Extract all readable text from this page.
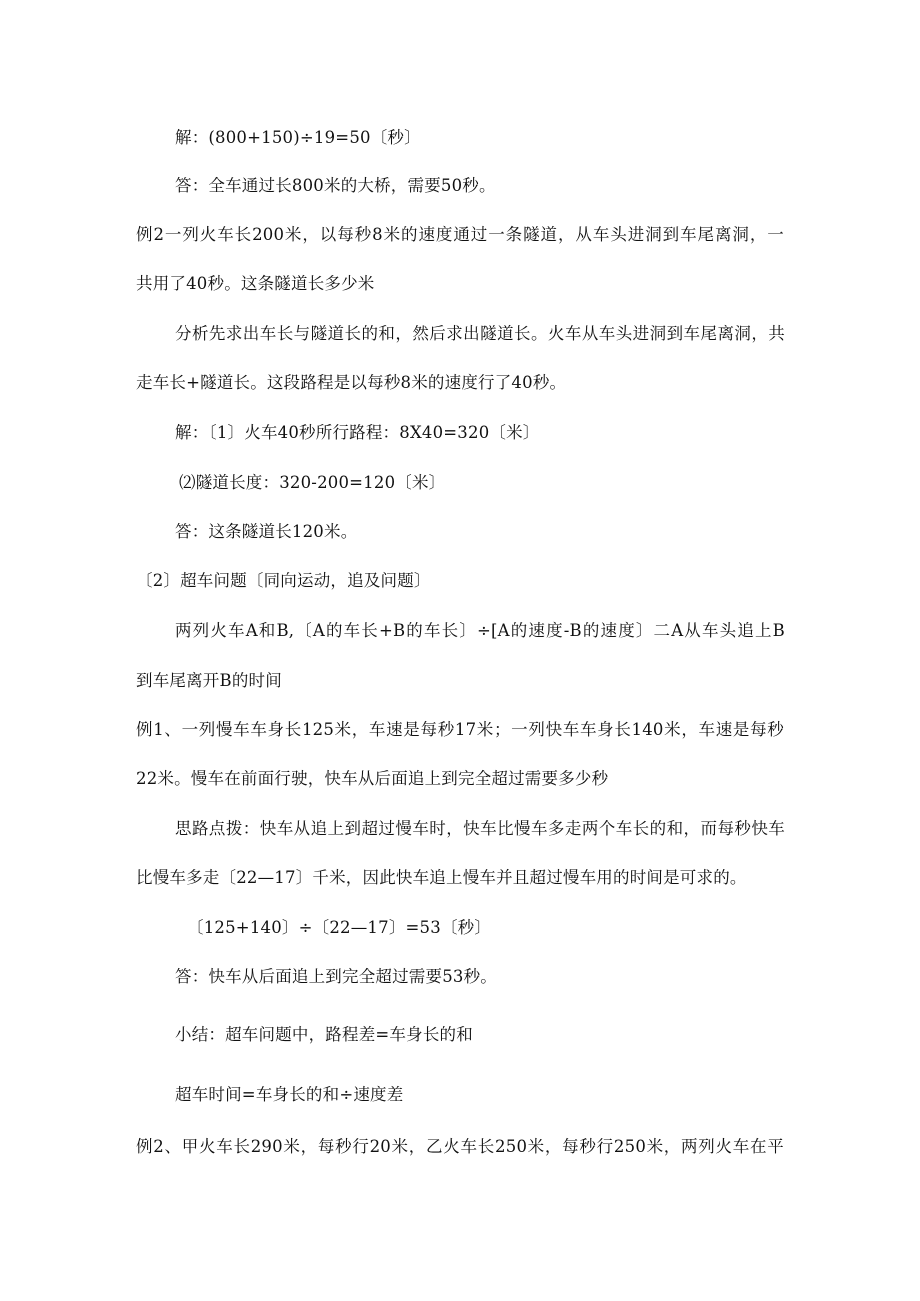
解：(800+150)÷19=50〔秒〕
答：全车通过长800米的大桥，需要50秒。
例2一列火车长200米，以每秒8米的速度通过一条隧道，从车头进洞到车尾离洞，一
共用了40秒。这条隧道长多少米
分析先求出车长与隧道长的和，然后求出隧道长。火车从车头进洞到车尾离洞，共
走车长+隧道长。这段路程是以每秒8米的速度行了40秒。
解：〔1〕火车40秒所行路程：8X40=320〔米〕
⑵隧道长度：320-200=120〔米〕
答：这条隧道长120米。
〔2〕超车问题〔同向运动，追及问题〕
两列火车A和B,〔A的车长+B的车长〕÷[A的速度-B的速度〕二A从车头追上B
到车尾离开B的时间
例1、一列慢车车身长125米，车速是每秒17米；一列快车车身长140米，车速是每秒
22米。慢车在前面行驶，快车从后面追上到完全超过需要多少秒
思路点拨：快车从追上到超过慢车时，快车比慢车多走两个车长的和，而每秒快车
比慢车多走〔22—17〕千米，因此快车追上慢车并且超过慢车用的时间是可求的。
〔125+140〕÷〔22—17〕=53〔秒〕
答：快车从后面追上到完全超过需要53秒。
小结：超车问题中，路程差=车身长的和
超车时间=车身长的和÷速度差
例2、甲火车长290米，每秒行20米，乙火车长250米，每秒行250米，两列火车在平
